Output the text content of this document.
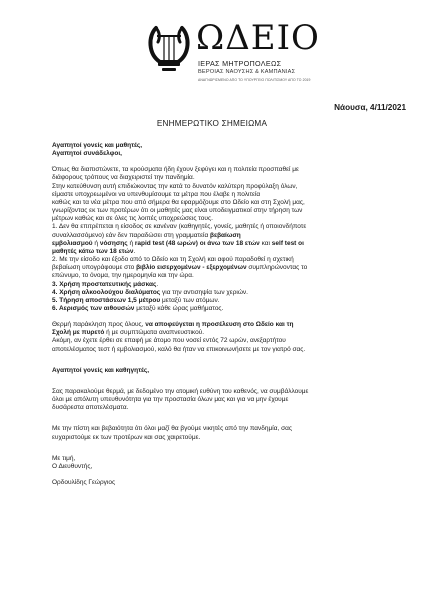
ΩΔΕΙΟ
ΙΕΡΑΣ ΜΗΤΡΟΠΟΛΕΩΣ
ΒΕΡΟΙΑΣ ΝΑΟΥΣΗΣ & ΚΑΜΠΑΝΙΑΣ
ΑΝΑΓΝΩΡΙΣΜΕΝΟ ΑΠΟ ΤΟ ΥΠΟΥΡΓΕΙΟ ΠΟΛΙΤΙΣΜΟΥ ΑΠΟ ΤΟ 2019
Νάουσα, 4/11/2021
ΕΝΗΜΕΡΩΤΙΚΟ ΣΗΜΕΙΩΜΑ

Αγαπητοί γονείς και μαθητές,

Αγαπητοί συνάδελφοι,

Όπως θα διαπιστώνετε, τα κρούσματα ήδη έχουν ξεφύγει και η πολιτεία προσπαθεί με

διάφορους τρόπους να διαχειριστεί την πανδημία.

Στην κατεύθυνση αυτή επιδιώκοντας την κατά το δυνατόν καλύτερη προφύλαξη όλων,

είμαστε υποχρεωμένοι να υπενθυμίσουμε τα μέτρα που έλαβε η πολιτεία

καθώς και τα νέα μέτρα που από σήμερα θα εφαρμόζουμε στο Ωδείο και στη Σχολή μας,

γνωρίζοντας εκ των προτέρων ότι οι μαθητές μας είναι υποδειγματικοί στην τήρηση των

μέτρων καθώς και σε όλες τις λοιπές υποχρεώσεις τους.

1. Δεν θα επιτρέπεται η είσοδος σε κανέναν (καθηγητές, γονείς, μαθητές ή οποιονδήποτε

συναλλασσόμενο) εάν δεν παραδώσει στη γραμματεία βεβαίωση

εμβολιασμού ή νόσησης ή rapid test (48 ωρών) οι άνω των 18 ετών και self test οι

μαθητές κάτω των 18 ετών.

2. Με την είσοδο και έξοδο από το Ωδείο και τη Σχολή και αφού παραδοθεί η σχετική

βεβαίωση υπογράφουμε στο βιβλίο εισερχομένων - εξερχομένων συμπληρώνοντας το

επώνυμο, το όνομα, την ημερομηνία και την ώρα.

3. Χρήση προστατευτικής μάσκας.

4. Χρήση αλκοολούχου διαλύματος για την αντισηψία των χεριών.

5. Τήρηση αποστάσεων 1,5 μέτρου μεταξύ των ατόμων.

6. Αερισμός των αιθουσών μεταξύ κάθε ώρας μαθήματος.

Θερμή παράκληση προς όλους, να αποφεύγεται η προσέλευση στο Ωδείο και τη

Σχολή με πυρετό ή με συμπτώματα αναπνευστικού.

Ακόμη, αν έχετε έρθει σε επαφή με άτομο που νοσεί εντός 72 ωρών, ανεξαρτήτου

αποτελέσματος τεστ ή εμβολιασμού, καλό θα ήταν να επικοινωνήσετε με τον γιατρό σας.

Αγαπητοί γονείς και καθηγητές,

Σας παρακαλούμε θερμά, με δεδομένο την ατομική ευθύνη του καθενός, να συμβάλλουμε

όλοι με απόλυτη υπευθυνότητα για την προστασία όλων μας και για να μην έχουμε

δυσάρεστα αποτελέσματα.

Με την πίστη και βεβαιότητα ότι όλοι μαζί θα βγούμε νικητές από την πανδημία, σας

ευχαριστούμε εκ των προτέρων και σας χαιρετούμε.

Με τιμή,

Ο Διευθυντής,

Ορδουλίδης Γεώργιος
